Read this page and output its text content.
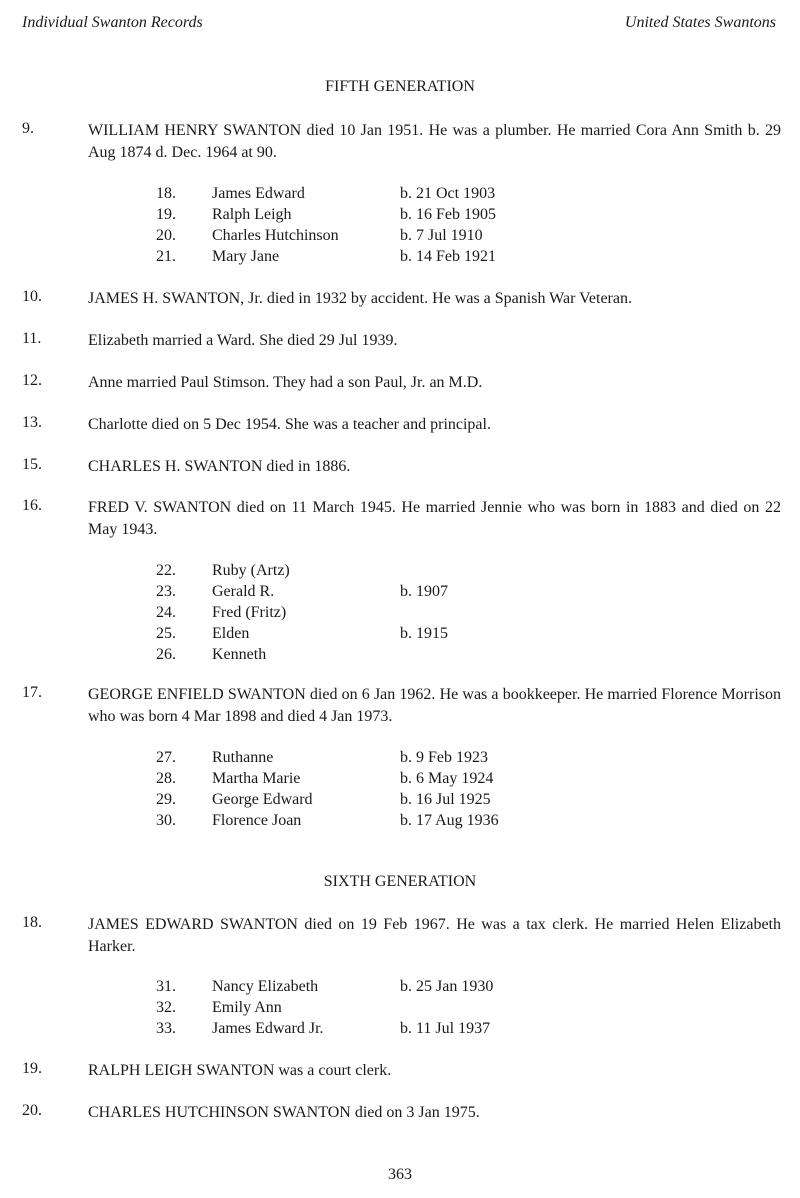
Individual Swanton Records	United States Swantons
FIFTH GENERATION
9.	WILLIAM HENRY SWANTON died 10 Jan 1951. He was a plumber. He married Cora Ann Smith b. 29 Aug 1874 d. Dec. 1964 at 90.
18. James Edward	b. 21 Oct 1903
19. Ralph Leigh	b. 16 Feb 1905
20. Charles Hutchinson	b. 7 Jul 1910
21. Mary Jane	b. 14 Feb 1921
10.	JAMES H. SWANTON, Jr. died in 1932 by accident. He was a Spanish War Veteran.
11.	Elizabeth married a Ward. She died 29 Jul 1939.
12.	Anne married Paul Stimson. They had a son Paul, Jr. an M.D.
13.	Charlotte died on 5 Dec 1954. She was a teacher and principal.
15.	CHARLES H. SWANTON died in 1886.
16.	FRED V. SWANTON died on 11 March 1945. He married Jennie who was born in 1883 and died on 22 May 1943.
22. Ruby (Artz)
23. Gerald R.	b. 1907
24. Fred (Fritz)
25. Elden	b. 1915
26. Kenneth
17.	GEORGE ENFIELD SWANTON died on 6 Jan 1962. He was a bookkeeper. He married Florence Morrison who was born 4 Mar 1898 and died 4 Jan 1973.
27. Ruthanne	b. 9 Feb 1923
28. Martha Marie	b. 6 May 1924
29. George Edward	b. 16 Jul 1925
30. Florence Joan	b. 17 Aug 1936
SIXTH GENERATION
18.	JAMES EDWARD SWANTON died on 19 Feb 1967. He was a tax clerk. He married Helen Elizabeth Harker.
31. Nancy Elizabeth	b. 25 Jan 1930
32. Emily Ann
33. James Edward Jr.	b. 11 Jul 1937
19.	RALPH LEIGH SWANTON was a court clerk.
20.	CHARLES HUTCHINSON SWANTON died on 3 Jan 1975.
363
